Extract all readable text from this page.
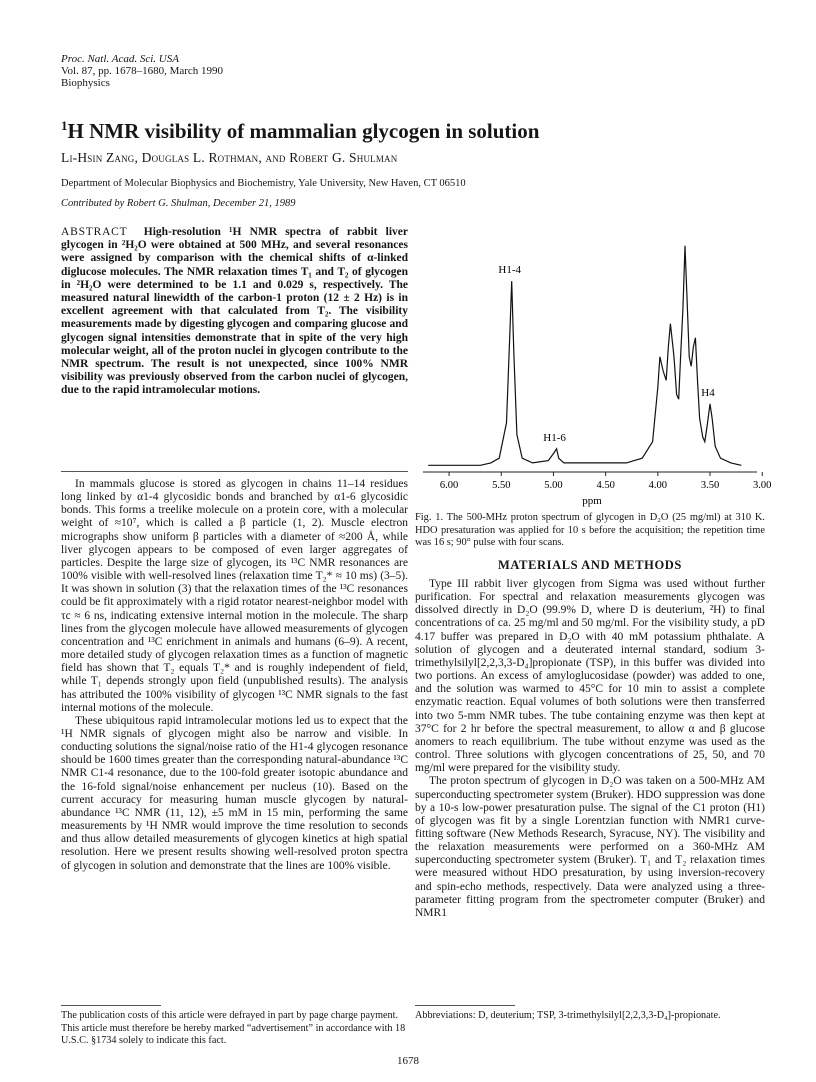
Proc. Natl. Acad. Sci. USA
Vol. 87, pp. 1678–1680, March 1990
Biophysics
$^1$H NMR visibility of mammalian glycogen in solution
Li-Hsin Zang, Douglas L. Rothman, and Robert G. Shulman
Department of Molecular Biophysics and Biochemistry, Yale University, New Haven, CT 06510
Contributed by Robert G. Shulman, December 21, 1989
ABSTRACT High-resolution ¹H NMR spectra of rabbit liver glycogen in ²H₂O were obtained at 500 MHz, and several resonances were assigned by comparison with the chemical shifts of α-linked diglucose molecules. The NMR relaxation times T₁ and T₂ of glycogen in ²H₂O were determined to be 1.1 and 0.029 s, respectively. The measured natural linewidth of the carbon-1 proton (12 ± 2 Hz) is in excellent agreement with that calculated from T₂. The visibility measurements made by digesting glycogen and comparing glucose and glycogen signal intensities demonstrate that in spite of the very high molecular weight, all of the proton nuclei in glycogen contribute to the NMR spectrum. The result is not unexpected, since 100% NMR visibility was previously observed from the carbon nuclei of glycogen, due to the rapid intramolecular motions.

In mammals glucose is stored as glycogen in chains 11–14 residues long linked by α1-4 glycosidic bonds and branched by α1-6 glycosidic bonds. This forms a treelike molecule on a protein core, with a molecular weight of ≈10⁷, which is called a β particle (1, 2). Muscle electron micrographs show uniform β particles with a diameter of ≈200 Å, while liver glycogen appears to be composed of even larger aggregates of particles. Despite the large size of glycogen, its ¹³C NMR resonances are 100% visible with well-resolved lines (relaxation time T₂* ≈ 10 ms) (3–5). It was shown in solution (3) that the relaxation times of the ¹³C resonances could be fit approximately with a rigid rotator nearest-neighbor model with τc ≈ 6 ns, indicating extensive internal motion in the molecule. The sharp lines from the glycogen molecule have allowed measurements of glycogen concentration and ¹³C enrichment in animals and humans (6–9). A recent, more detailed study of glycogen relaxation times as a function of magnetic field has shown that T₂ equals T₂* and is roughly independent of field, while T₁ depends strongly upon field (unpublished results). The analysis has attributed the 100% visibility of glycogen ¹³C NMR signals to the fast internal motions of the molecule.

These ubiquitous rapid intramolecular motions led us to expect that the ¹H NMR signals of glycogen might also be narrow and visible. In conducting solutions the signal/noise ratio of the H1-4 glycogen resonance should be 1600 times greater than the corresponding natural-abundance ¹³C NMR C1-4 resonance, due to the 100-fold greater isotopic abundance and the 16-fold signal/noise enhancement per nucleus (10). Based on the current accuracy for measuring human muscle glycogen by natural-abundance ¹³C NMR (11, 12), ±5 mM in 15 min, performing the same measurements by ¹H NMR would improve the time resolution to seconds and thus allow detailed measurements of glycogen kinetics at high spatial resolution. Here we present results showing well-resolved proton spectra of glycogen in solution and demonstrate that the lines are 100% visible.

6.00	5.50	5.00	4.50	4.00	3.50	3.00
H1-4
H1-6
H4
ppm
Fig. 1. The 500-MHz proton spectrum of glycogen in D₂O (25 mg/ml) at 310 K. HDO presaturation was applied for 10 s before the acquisition; the repetition time was 16 s; 90° pulse with four scans.
MATERIALS AND METHODS

Type III rabbit liver glycogen from Sigma was used without further purification. For spectral and relaxation measurements glycogen was dissolved directly in D₂O (99.9% D, where D is deuterium, ²H) to final concentrations of ca. 25 mg/ml and 50 mg/ml. For the visibility study, a pD 4.17 buffer was prepared in D₂O with 40 mM potassium phthalate. A solution of glycogen and a deuterated internal standard, sodium 3-trimethylsilyl[2,2,3,3-D₄]propionate (TSP), in this buffer was divided into two portions. An excess of amyloglucosidase (powder) was added to one, and the solution was warmed to 45°C for 10 min to assist a complete enzymatic reaction. Equal volumes of both solutions were then transferred into two 5-mm NMR tubes. The tube containing enzyme was then kept at 37°C for 2 hr before the spectral measurement, to allow α and β glucose anomers to reach equilibrium. The tube without enzyme was used as the control. Three solutions with glycogen concentrations of 25, 50, and 70 mg/ml were prepared for the visibility study.

The proton spectrum of glycogen in D₂O was taken on a 500-MHz AM superconducting spectrometer system (Bruker). HDO suppression was done by a 10-s low-power presaturation pulse. The signal of the C1 proton (H1) of glycogen was fit by a single Lorentzian function with NMR1 curve-fitting software (New Methods Research, Syracuse, NY). The visibility and the relaxation measurements were performed on a 360-MHz AM superconducting spectrometer system (Bruker). T₁ and T₂ relaxation times were measured without HDO presaturation, by using inversion-recovery and spin-echo methods, respectively. Data were analyzed using a three-parameter fitting program from the spectrometer computer (Bruker) and NMR1

The publication costs of this article were defrayed in part by page charge payment. This article must therefore be hereby marked “advertisement” in accordance with 18 U.S.C. §1734 solely to indicate this fact.
Abbreviations: D, deuterium; TSP, 3-trimethylsilyl[2,2,3,3-D₄]-propionate.
1678
